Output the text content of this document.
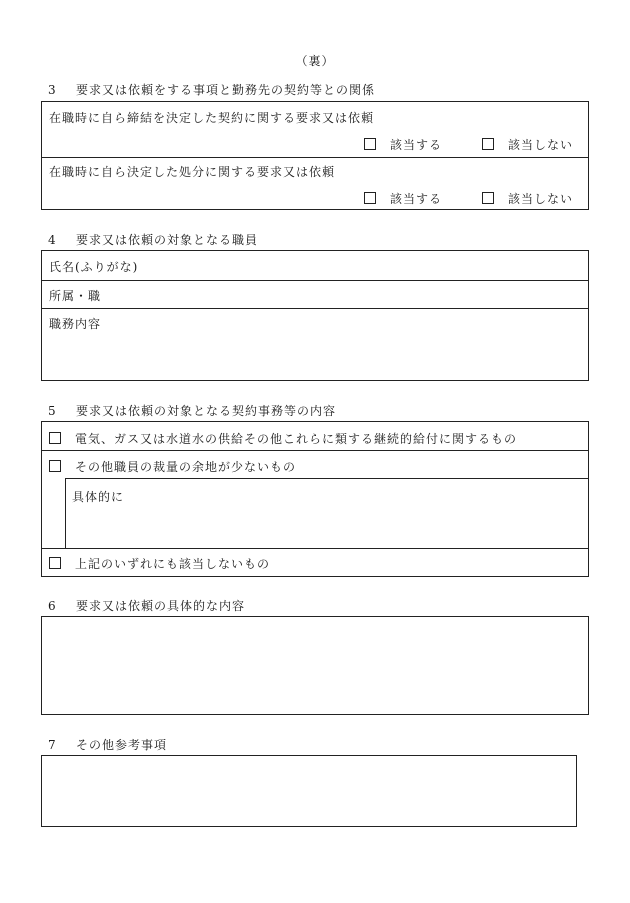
（裏）
3 要求又は依頼をする事項と勤務先の契約等との関係
在職時に自ら締結を決定した契約に関する要求又は依頼
該当する	該当しない
在職時に自ら決定した処分に関する要求又は依頼
該当する	該当しない
4 要求又は依頼の対象となる職員
氏名(ふりがな)
所属・職
職務内容
5 要求又は依頼の対象となる契約事務等の内容
電気、ガス又は水道水の供給その他これらに類する継続的給付に関するもの
その他職員の裁量の余地が少ないもの
具体的に
上記のいずれにも該当しないもの
6 要求又は依頼の具体的な内容
7 その他参考事項
